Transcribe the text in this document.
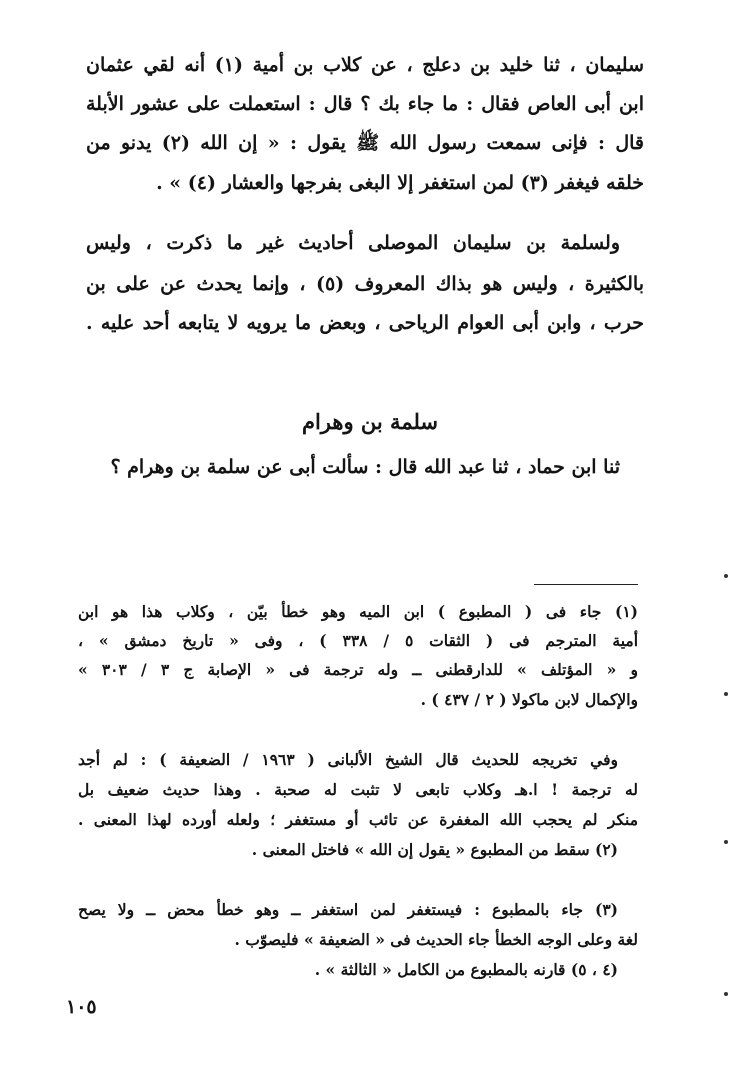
سليمان ، ثنا خليد بن دعلج ، عن كلاب بن أمية (١) أنه لقي عثمان
ابن أبى العاص فقال : ما جاء بك ؟ قال : استعملت على عشور الأبلة
قال : فإنى سمعت رسول الله ﷺ يقول : « إن الله (٢) يدنو من
خلقه فيغفر (٣) لمن استغفر إلا البغى بفرجها والعشار (٤) » .
ولسلمة بن سليمان الموصلى أحاديث غير ما ذكرت ، وليس
بالكثيرة ، وليس هو بذاك المعروف (٥) ، وإنما يحدث عن على بن
حرب ، وابن أبى العوام الرياحى ، وبعض ما يرويه لا يتابعه أحد عليه .
سلمة بن وهرام
ثنا ابن حماد ، ثنا عبد الله قال : سألت أبى عن سلمة بن وهرام ؟
(١) جاء فى ( المطبوع ) ابن الميه وهو خطأ بيّن ، وكلاب هذا هو ابن
أمية المترجم فى ( الثقات ٥ / ٣٣٨ ) ، وفى « تاريخ دمشق » ،
و « المؤتلف » للدارقطنى ــ وله ترجمة فى « الإصابة ج ٣ / ٣٠٣ »
والإكمال لابن ماكولا ( ٢ / ٤٣٧ ) .
وفي تخريجه للحديث قال الشيخ الألبانى ( ١٩٦٣ / الضعيفة ) : لم أجد
له ترجمة ! ا.هـ وكلاب تابعى لا تثبت له صحبة . وهذا حديث ضعيف بل
منكر لم يحجب الله المغفرة عن تائب أو مستغفر ؛ ولعله أورده لهذا المعنى .
(٢) سقط من المطبوع « يقول إن الله » فاختل المعنى .
(٣) جاء بالمطبوع : فيستغفر لمن استغفر ــ وهو خطأ محض ــ ولا يصح
لغة وعلى الوجه الخطأ جاء الحديث فى « الضعيفة » فليصوّب .
(٤ ، ٥) قارنه بالمطبوع من الكامل « الثالثة » .
١٠٥
